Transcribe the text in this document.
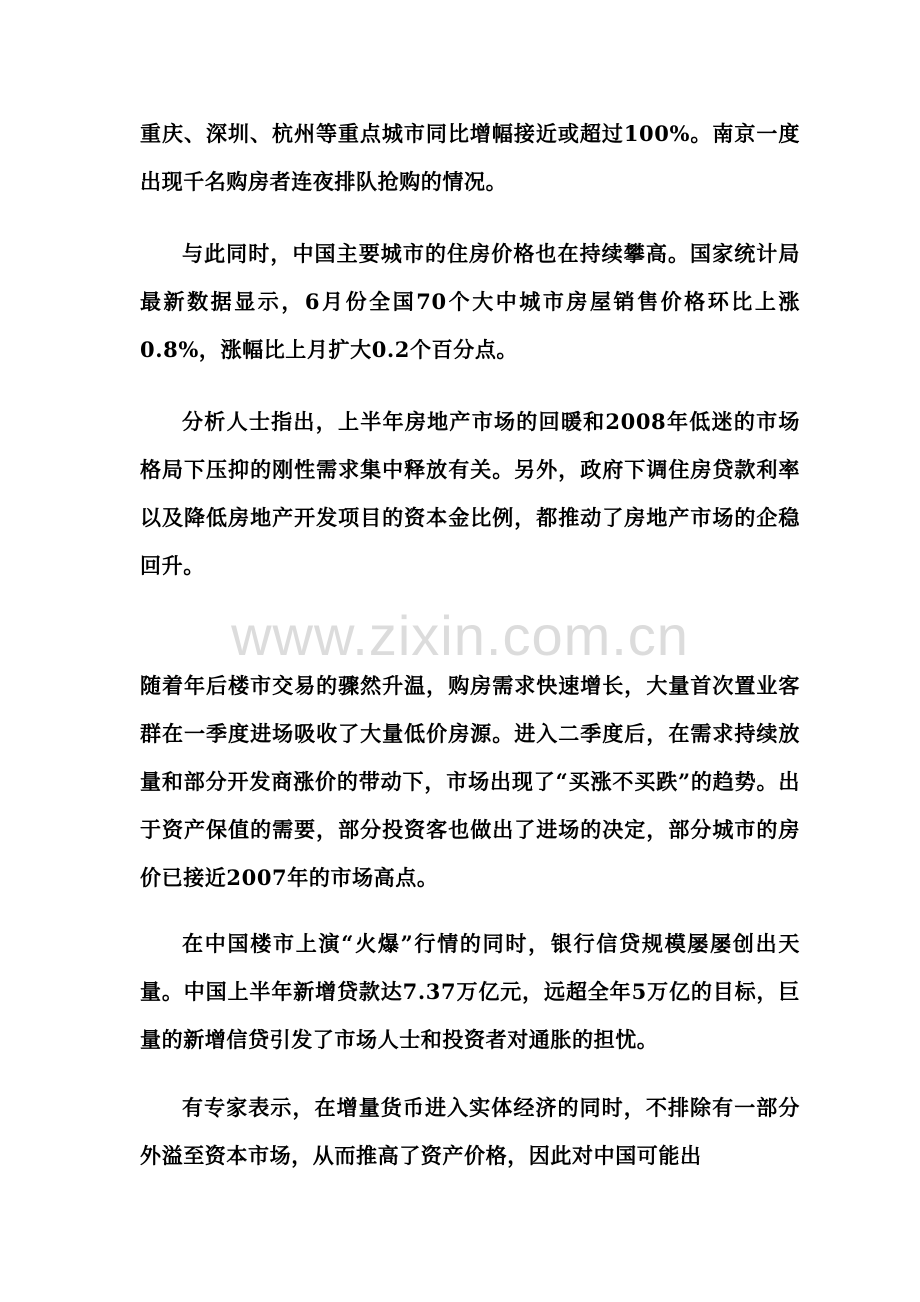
重庆、深圳、杭州等重点城市同比增幅接近或超过100%。南京一度出现千名购房者连夜排队抢购的情况。

与此同时，中国主要城市的住房价格也在持续攀高。国家统计局最新数据显示，6月份全国70个大中城市房屋销售价格环比上涨0.8%，涨幅比上月扩大0.2个百分点。

分析人士指出，上半年房地产市场的回暖和2008年低迷的市场格局下压抑的刚性需求集中释放有关。另外，政府下调住房贷款利率以及降低房地产开发项目的资本金比例，都推动了房地产市场的企稳回升。

www.zixin.com.cn

随着年后楼市交易的骤然升温，购房需求快速增长，大量首次置业客群在一季度进场吸收了大量低价房源。进入二季度后，在需求持续放量和部分开发商涨价的带动下，市场出现了“买涨不买跌”的趋势。出于资产保值的需要，部分投资客也做出了进场的决定，部分城市的房价已接近2007年的市场高点。

在中国楼市上演“火爆”行情的同时，银行信贷规模屡屡创出天量。中国上半年新增贷款达7.37万亿元，远超全年5万亿的目标，巨量的新增信贷引发了市场人士和投资者对通胀的担忧。

有专家表示，在增量货币进入实体经济的同时，不排除有一部分外溢至资本市场，从而推高了资产价格，因此对中国可能出
